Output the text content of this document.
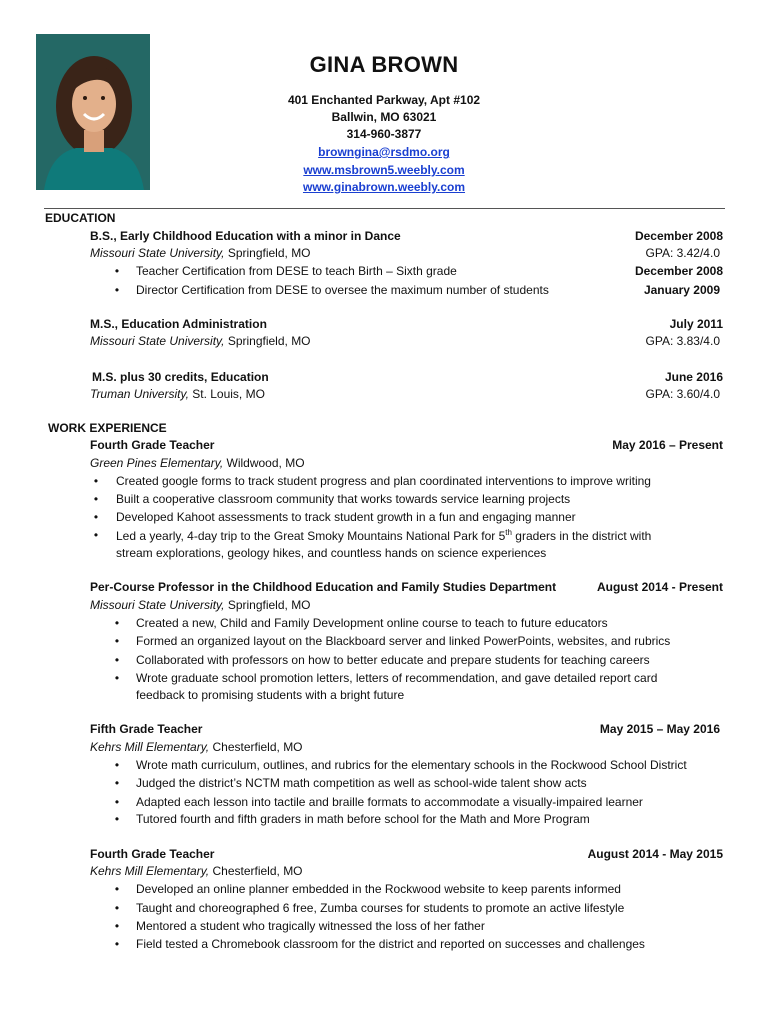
GINA BROWN
401 Enchanted Parkway, Apt #102
Ballwin, MO 63021
314-960-3877
browngina@rsdmo.org
www.msbrown5.weebly.com
www.ginabrown.weebly.com
EDUCATION
B.S., Early Childhood Education with a minor in Dance	December 2008
Missouri State University, Springfield, MO	GPA: 3.42/4.0
• Teacher Certification from DESE to teach Birth – Sixth grade	December 2008
• Director Certification from DESE to oversee the maximum number of students	January 2009
M.S., Education Administration	July 2011
Missouri State University, Springfield, MO	GPA: 3.83/4.0
M.S. plus 30 credits, Education	June 2016
Truman University, St. Louis, MO	GPA: 3.60/4.0
WORK EXPERIENCE
Fourth Grade Teacher	May 2016 – Present
Green Pines Elementary, Wildwood, MO
• Created google forms to track student progress and plan coordinated interventions to improve writing
• Built a cooperative classroom community that works towards service learning projects
• Developed Kahoot assessments to track student growth in a fun and engaging manner
• Led a yearly, 4-day trip to the Great Smoky Mountains National Park for 5th graders in the district with
stream explorations, geology hikes, and countless hands on science experiences
Per-Course Professor in the Childhood Education and Family Studies Department	August 2014 - Present
Missouri State University, Springfield, MO
• Created a new, Child and Family Development online course to teach to future educators
• Formed an organized layout on the Blackboard server and linked PowerPoints, websites, and rubrics
• Collaborated with professors on how to better educate and prepare students for teaching careers
• Wrote graduate school promotion letters, letters of recommendation, and gave detailed report card
feedback to promising students with a bright future
Fifth Grade Teacher	May 2015 – May 2016
Kehrs Mill Elementary, Chesterfield, MO
• Wrote math curriculum, outlines, and rubrics for the elementary schools in the Rockwood School District
• Judged the district’s NCTM math competition as well as school-wide talent show acts
• Adapted each lesson into tactile and braille formats to accommodate a visually-impaired learner
• Tutored fourth and fifth graders in math before school for the Math and More Program
Fourth Grade Teacher	August 2014 - May 2015
Kehrs Mill Elementary, Chesterfield, MO
• Developed an online planner embedded in the Rockwood website to keep parents informed
• Taught and choreographed 6 free, Zumba courses for students to promote an active lifestyle
• Mentored a student who tragically witnessed the loss of her father
• Field tested a Chromebook classroom for the district and reported on successes and challenges
